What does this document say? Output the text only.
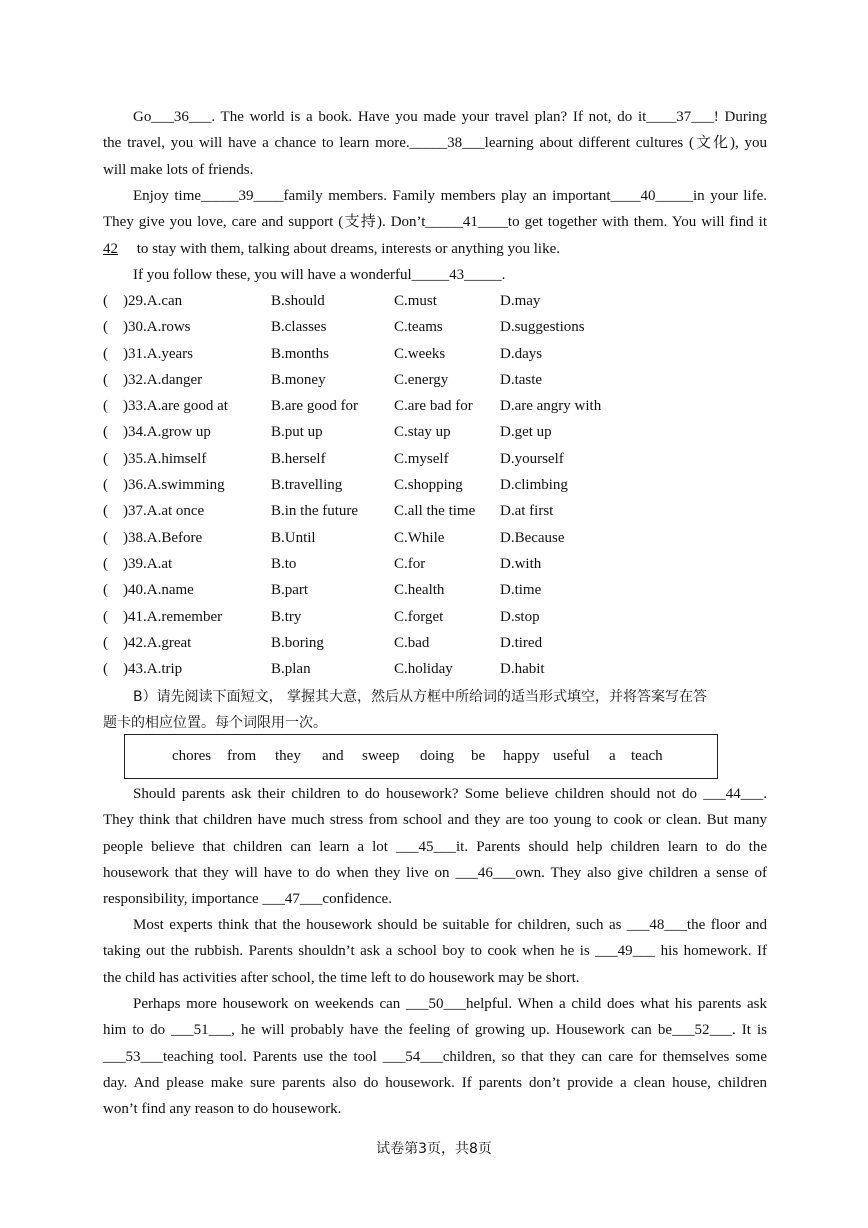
Go___36___. The world is a book. Have you made your travel plan? If not, do it____37___! During
the travel, you will have a chance to learn more._____38___learning about different cultures (文化), you
will make lots of friends.
Enjoy time_____39____family members. Family members play an important____40_____in your life.
They give you love, care and support (支持). Don’t_____41____to get together with them. You will find it
42 to stay with them, talking about dreams, interests or anything you like.
If you follow these, you will have a wonderful_____43_____.
( )29.A.can	B.should	C.must	D.may
( )30.A.rows	B.classes	C.teams	D.suggestions
( )31.A.years	B.months	C.weeks	D.days
( )32.A.danger	B.money	C.energy	D.taste
( )33.A.are good at	B.are good for C.are bad for D.are angry with
( )34.A.grow up	B.put up	C.stay up	D.get up
( )35.A.himself	B.herself	C.myself	D.yourself
( )36.A.swimming	B.travelling	C.shopping D.climbing
( )37.A.at once	B.in the future C.all the time D.at first
( )38.A.Before	B.Until	C.While	D.Because
( )39.A.at	B.to	C.for	D.with
( )40.A.name	B.part	C.health	D.time
( )41.A.remember	B.try	C.forget	D.stop
( )42.A.great	B.boring	C.bad	D.tired
( )43.A.trip	B.plan	C.holiday	D.habit
B）请先阅读下面短文， 掌握其大意，然后从方框中所给词的适当形式填空，并将答案写在答
题卡的相应位置。每个词限用一次。
chores from they and sweep doing be happy useful a teach
Should parents ask their children to do housework? Some believe children should not do ___44___.
They think that children have much stress from school and they are too young to cook or clean. But many
people believe that children can learn a lot ___45___it. Parents should help children learn to do the
housework that they will have to do when they live on ___46___own. They also give children a sense of
responsibility, importance ___47___confidence.
Most experts think that the housework should be suitable for children, such as ___48___the floor and
taking out the rubbish. Parents shouldn’t ask a school boy to cook when he is ___49___ his homework. If
the child has activities after school, the time left to do housework may be short.
Perhaps more housework on weekends can ___50___helpful. When a child does what his parents ask
him to do ___51___, he will probably have the feeling of growing up. Housework can be___52___. It is
___53___teaching tool. Parents use the tool ___54___children, so that they can care for themselves some
day. And please make sure parents also do housework. If parents don’t provide a clean house, children
won’t find any reason to do housework.
试卷第3页，共8页
